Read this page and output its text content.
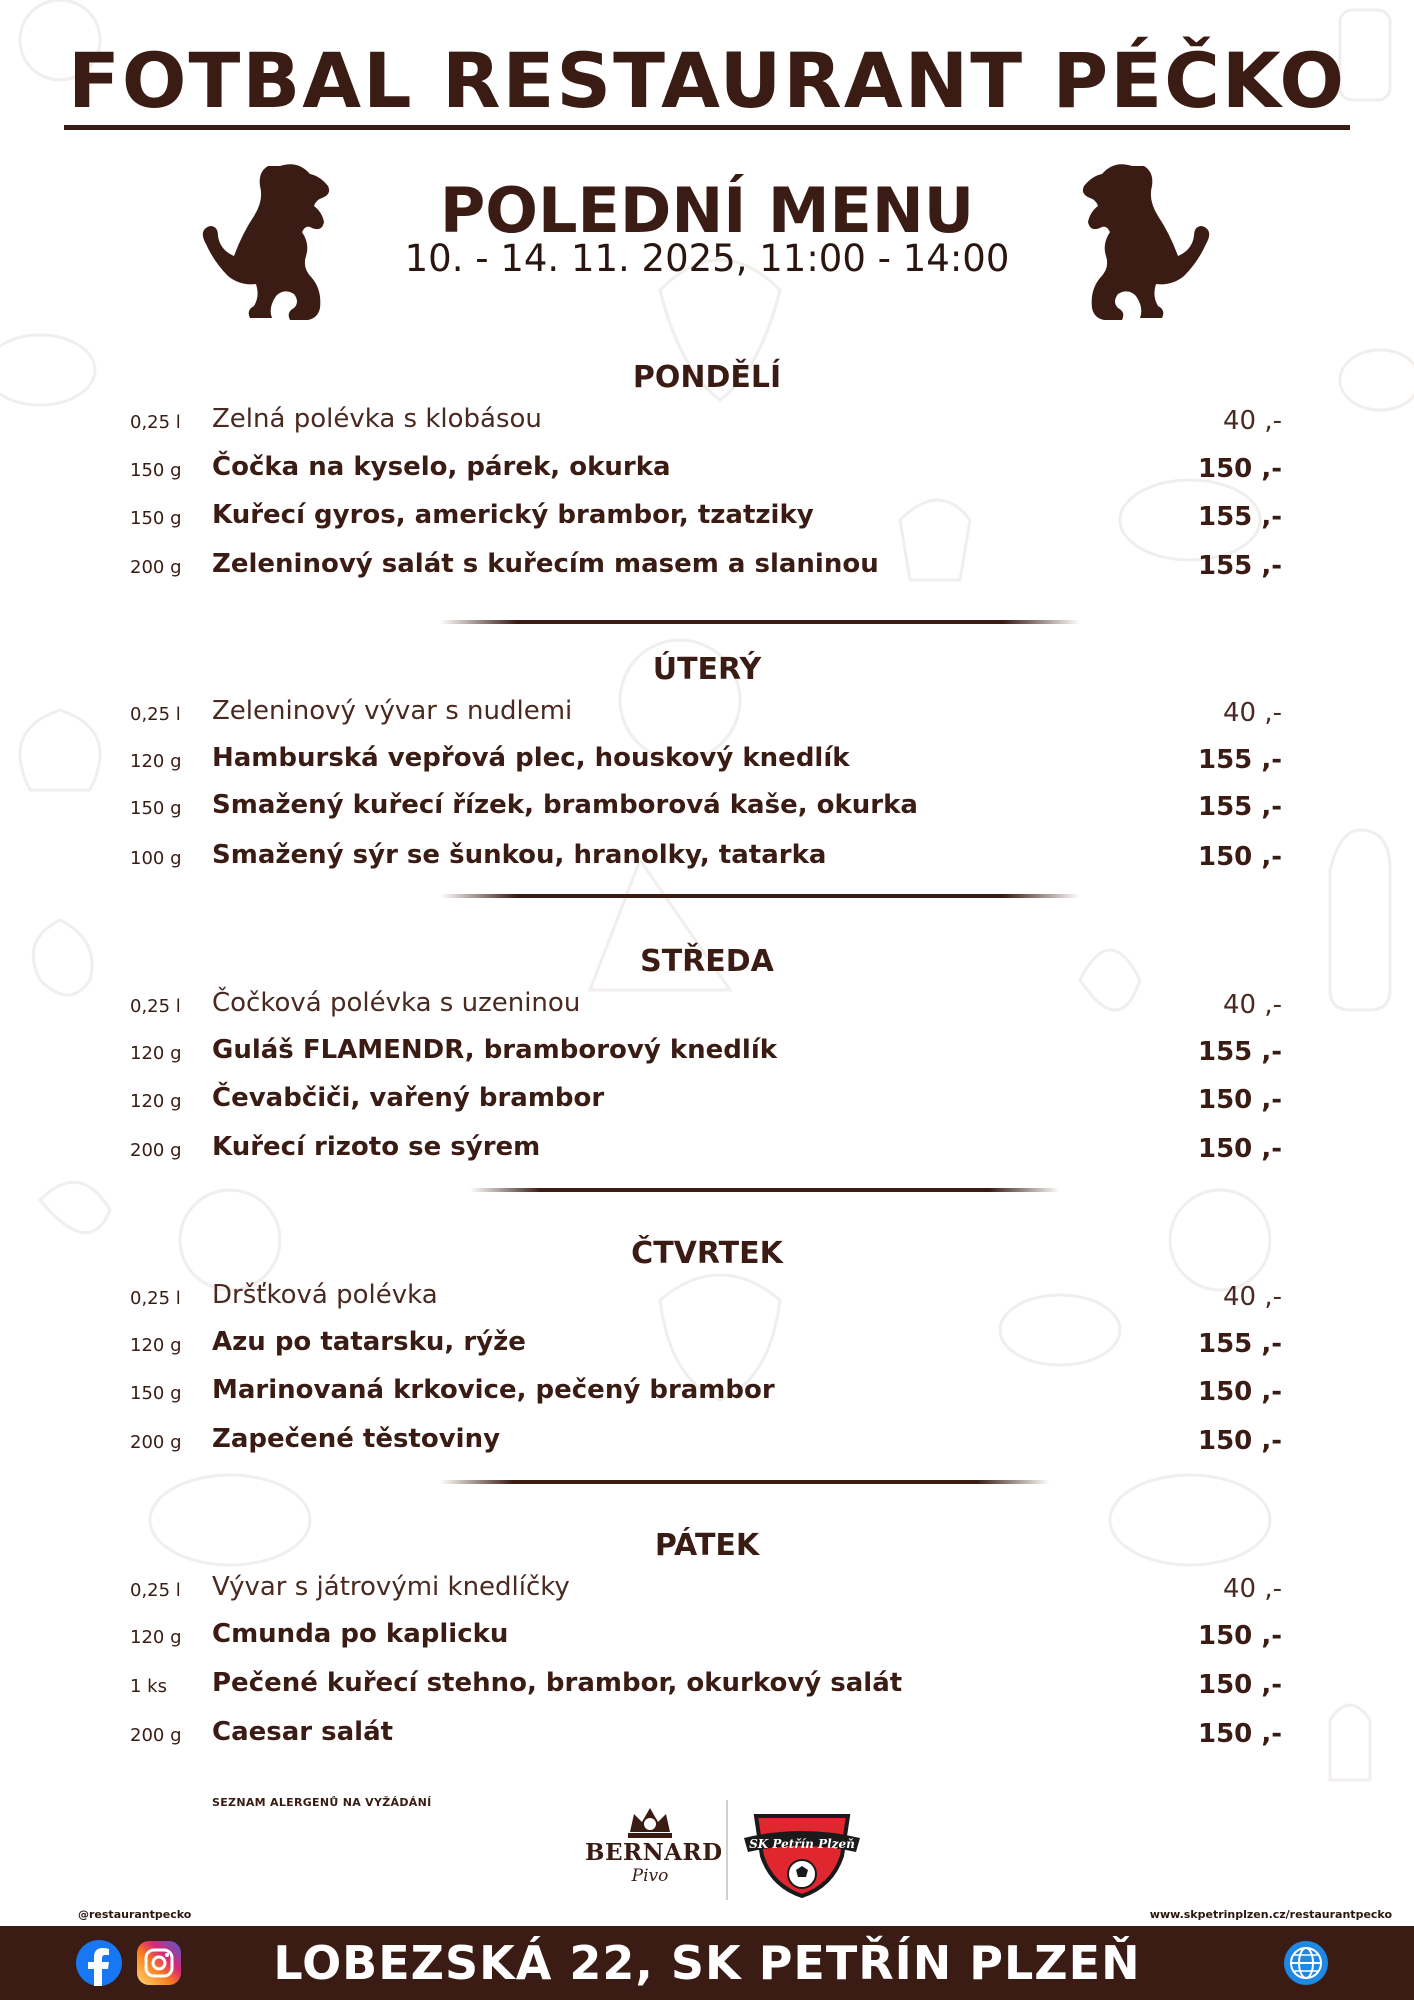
FOTBAL RESTAURANT PÉČKO
POLEDNÍ MENU
10. - 14. 11. 2025, 11:00 - 14:00
PONDĚLÍ
0,25 l Zelná polévka s klobásou	40 ,-
150 g Čočka na kyselo, párek, okurka	150 ,-
150 g Kuřecí gyros, americký brambor, tzatziky	155 ,-
200 g Zeleninový salát s kuřecím masem a slaninou	155 ,-
ÚTERÝ
0,25 l Zeleninový vývar s nudlemi	40 ,-
120 g Hamburská vepřová plec, houskový knedlík	155 ,-
150 g Smažený kuřecí řízek, bramborová kaše, okurka	155 ,-
100 g Smažený sýr se šunkou, hranolky, tatarka	150 ,-
STŘEDA
0,25 l Čočková polévka s uzeninou	40 ,-
120 g Guláš FLAMENDR, bramborový knedlík	155 ,-
120 g Čevabčiči, vařený brambor	150 ,-
200 g Kuřecí rizoto se sýrem	150 ,-
ČTVRTEK
0,25 l Dršťková polévka	40 ,-
120 g Azu po tatarsku, rýže	155 ,-
150 g Marinovaná krkovice, pečený brambor	150 ,-
200 g Zapečené těstoviny	150 ,-
PÁTEK
0,25 l Vývar s játrovými knedlíčky	40 ,-
120 g Cmunda po kaplicku	150 ,-
1 ks Pečené kuřecí stehno, brambor, okurkový salát	150 ,-
200 g Caesar salát	150 ,-
SEZNAM ALERGENŮ NA VYŽÁDÁNÍ
BERNARD
Pivo
SK Petřín Plzeň
@restaurantpecko	www.skpetrinplzen.cz/restaurantpecko
LOBEZSKÁ 22, SK PETŘÍN PLZEŇ
